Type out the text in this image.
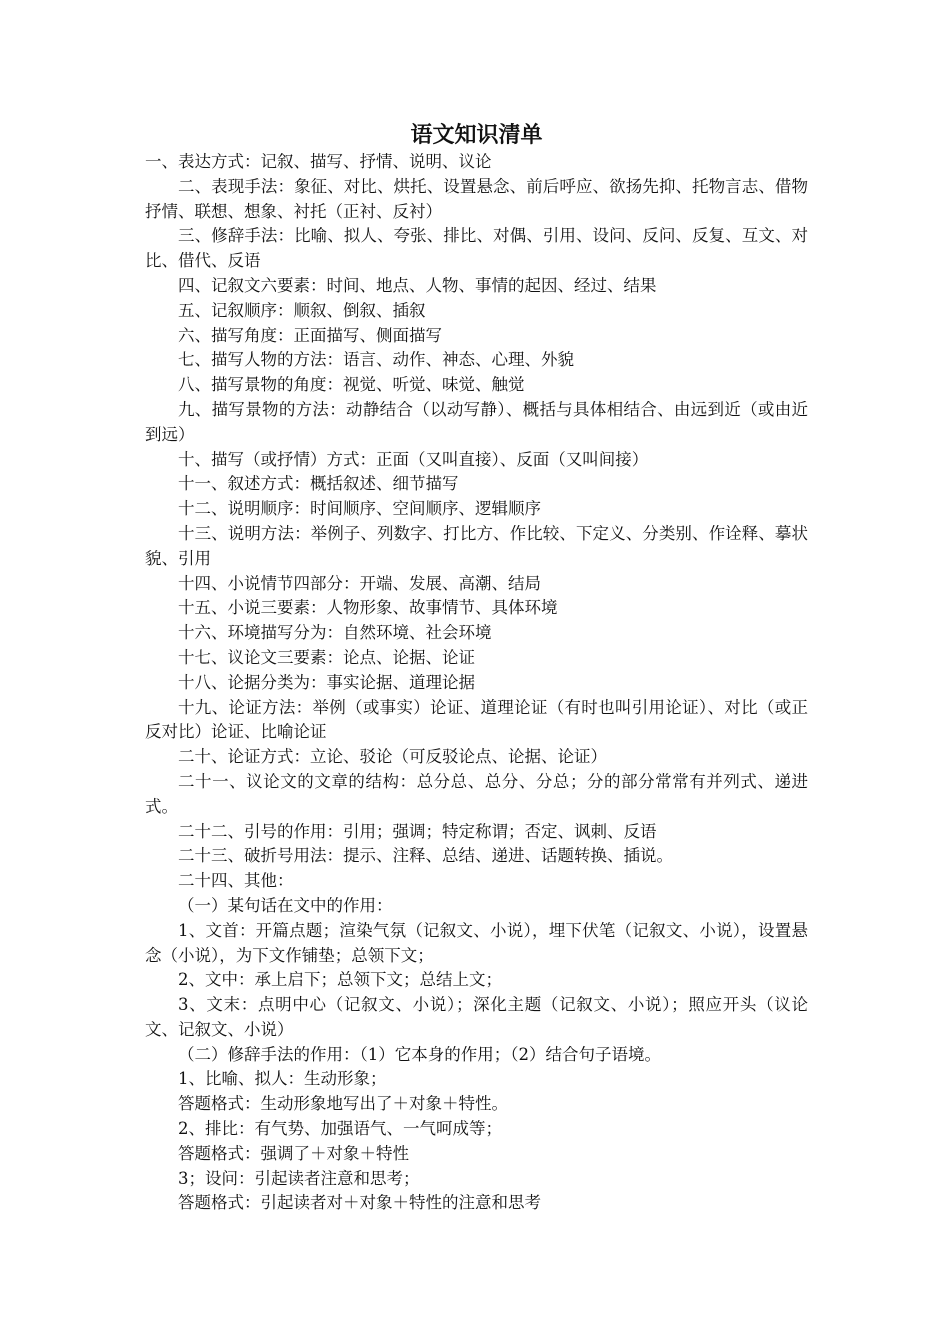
语文知识清单

一、表达方式：记叙、描写、抒情、说明、议论

二、表现手法：象征、对比、烘托、设置悬念、前后呼应、欲扬先抑、托物言志、借物抒情、联想、想象、衬托（正衬、反衬）

三、修辞手法：比喻、拟人、夸张、排比、对偶、引用、设问、反问、反复、互文、对比、借代、反语

四、记叙文六要素：时间、地点、人物、事情的起因、经过、结果

五、记叙顺序：顺叙、倒叙、插叙

六、描写角度：正面描写、侧面描写

七、描写人物的方法：语言、动作、神态、心理、外貌

八、描写景物的角度：视觉、听觉、味觉、触觉

九、描写景物的方法：动静结合（以动写静）、概括与具体相结合、由远到近（或由近到远）

十、描写（或抒情）方式：正面（又叫直接）、反面（又叫间接）

十一、叙述方式：概括叙述、细节描写

十二、说明顺序：时间顺序、空间顺序、逻辑顺序

十三、说明方法：举例子、列数字、打比方、作比较、下定义、分类别、作诠释、摹状貌、引用

十四、小说情节四部分：开端、发展、高潮、结局

十五、小说三要素：人物形象、故事情节、具体环境

十六、环境描写分为：自然环境、社会环境

十七、议论文三要素：论点、论据、论证

十八、论据分类为：事实论据、道理论据

十九、论证方法：举例（或事实）论证、道理论证（有时也叫引用论证）、对比（或正反对比）论证、比喻论证

二十、论证方式：立论、驳论（可反驳论点、论据、论证）

二十一、议论文的文章的结构：总分总、总分、分总；分的部分常常有并列式、递进式。

二十二、引号的作用：引用；强调；特定称谓；否定、讽刺、反语

二十三、破折号用法：提示、注释、总结、递进、话题转换、插说。

二十四、其他：

（一）某句话在文中的作用：

1、文首：开篇点题；渲染气氛（记叙文、小说），埋下伏笔（记叙文、小说），设置悬念（小说），为下文作铺垫；总领下文；

2、文中：承上启下；总领下文；总结上文；

3、文末：点明中心（记叙文、小说）；深化主题（记叙文、小说）；照应开头（议论文、记叙文、小说）

（二）修辞手法的作用：（1）它本身的作用；（2）结合句子语境。

1、比喻、拟人：生动形象；

答题格式：生动形象地写出了＋对象＋特性。

2、排比：有气势、加强语气、一气呵成等；

答题格式：强调了＋对象＋特性

3；设问：引起读者注意和思考；

答题格式：引起读者对＋对象＋特性的注意和思考
